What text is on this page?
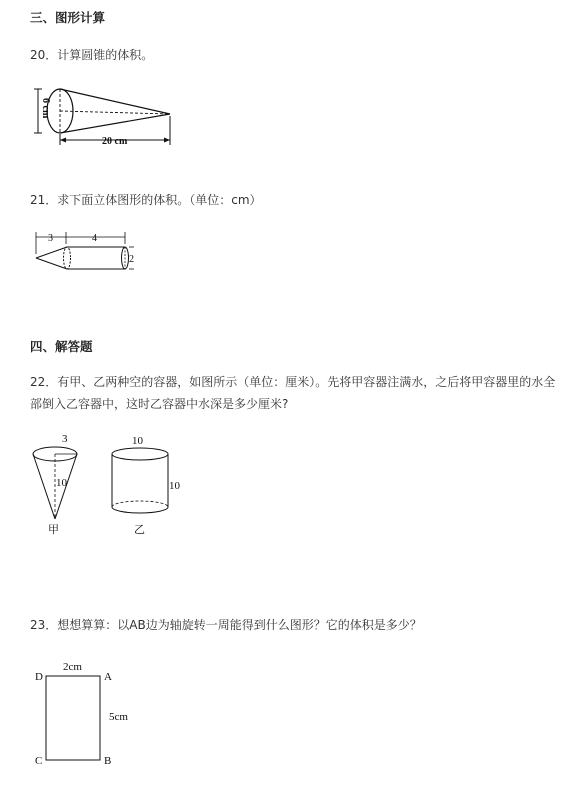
三、图形计算
20．计算圆锥的体积。
6 cm
20 cm
21．求下面立体图形的体积。（单位：cm）
3	4
2
四、解答题
22．有甲、乙两种空的容器，如图所示（单位：厘米）。先将甲容器注满水，之后将甲容器里的水全
部倒入乙容器中，这时乙容器中水深是多少厘米?
3
10
甲
10
10
乙
23．想想算算：以AB边为轴旋转一周能得到什么图形？它的体积是多少？
2cm
5cm
D	A
C	B
